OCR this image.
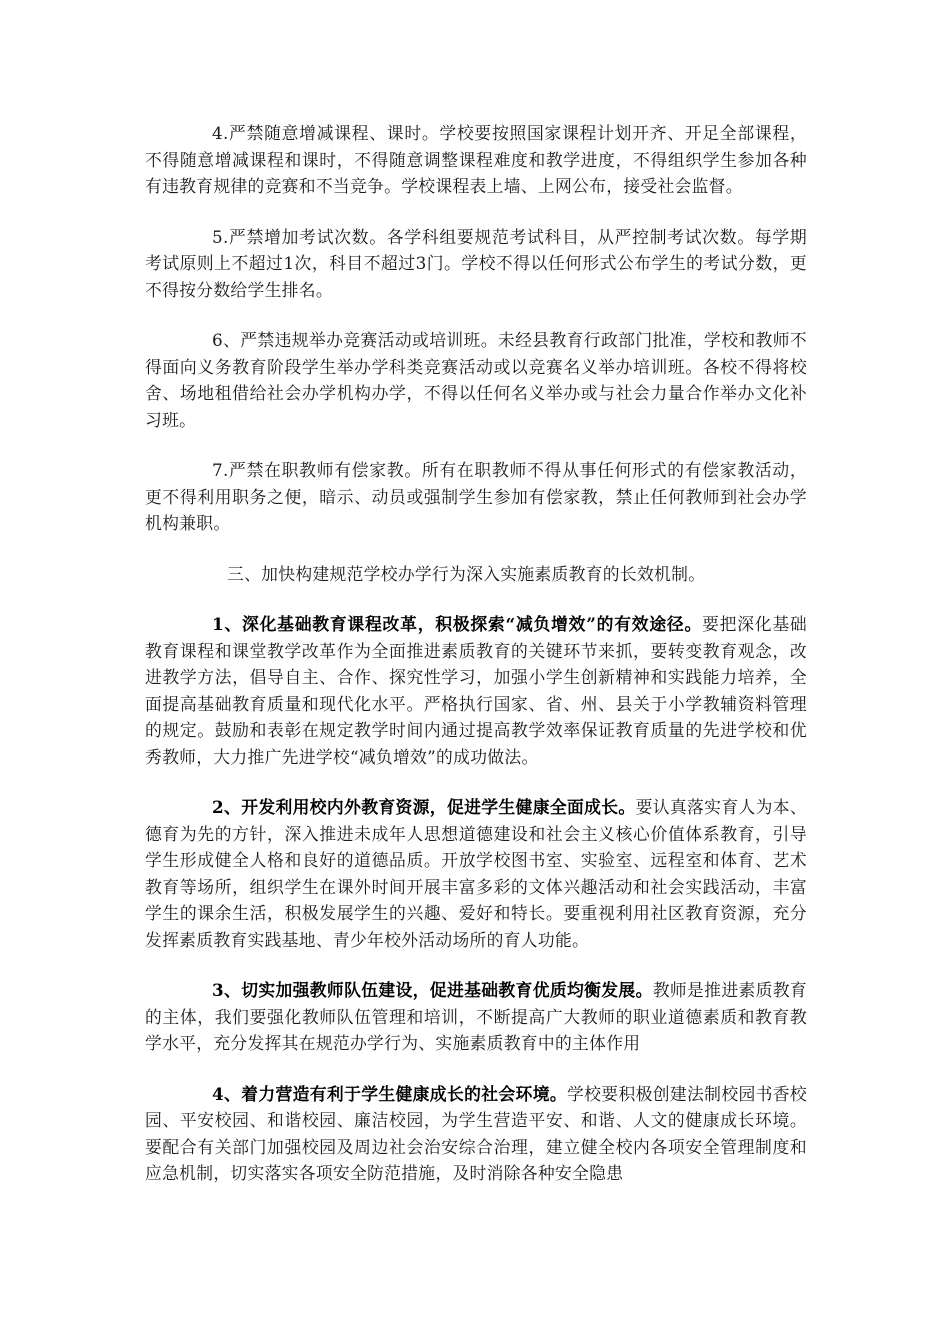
4.严禁随意增减课程、课时。学校要按照国家课程计划开齐、开足全部课程，不得随意增减课程和课时，不得随意调整课程难度和教学进度，不得组织学生参加各种有违教育规律的竞赛和不当竞争。学校课程表上墙、上网公布，接受社会监督。

5.严禁增加考试次数。各学科组要规范考试科目，从严控制考试次数。每学期考试原则上不超过1次，科目不超过3门。学校不得以任何形式公布学生的考试分数，更不得按分数给学生排名。

6、严禁违规举办竞赛活动或培训班。未经县教育行政部门批准，学校和教师不得面向义务教育阶段学生举办学科类竞赛活动或以竞赛名义举办培训班。各校不得将校舍、场地租借给社会办学机构办学，不得以任何名义举办或与社会力量合作举办文化补习班。

7.严禁在职教师有偿家教。所有在职教师不得从事任何形式的有偿家教活动，更不得利用职务之便，暗示、动员或强制学生参加有偿家教，禁止任何教师到社会办学机构兼职。

三、加快构建规范学校办学行为深入实施素质教育的长效机制。

1、深化基础教育课程改革，积极探索“减负增效”的有效途径。要把深化基础教育课程和课堂教学改革作为全面推进素质教育的关键环节来抓，要转变教育观念，改进教学方法，倡导自主、合作、探究性学习，加强小学生创新精神和实践能力培养，全面提高基础教育质量和现代化水平。严格执行国家、省、州、县关于小学教辅资料管理的规定。鼓励和表彰在规定教学时间内通过提高教学效率保证教育质量的先进学校和优秀教师，大力推广先进学校“减负增效”的成功做法。

2、开发利用校内外教育资源，促进学生健康全面成长。要认真落实育人为本、德育为先的方针，深入推进未成年人思想道德建设和社会主义核心价值体系教育，引导学生形成健全人格和良好的道德品质。开放学校图书室、实验室、远程室和体育、艺术教育等场所，组织学生在课外时间开展丰富多彩的文体兴趣活动和社会实践活动，丰富学生的课余生活，积极发展学生的兴趣、爱好和特长。要重视利用社区教育资源，充分发挥素质教育实践基地、青少年校外活动场所的育人功能。

3、切实加强教师队伍建设，促进基础教育优质均衡发展。教师是推进素质教育的主体，我们要强化教师队伍管理和培训，不断提高广大教师的职业道德素质和教育教学水平，充分发挥其在规范办学行为、实施素质教育中的主体作用

4、着力营造有利于学生健康成长的社会环境。学校要积极创建法制校园书香校园、平安校园、和谐校园、廉洁校园，为学生营造平安、和谐、人文的健康成长环境。要配合有关部门加强校园及周边社会治安综合治理，建立健全校内各项安全管理制度和应急机制，切实落实各项安全防范措施，及时消除各种安全隐患
